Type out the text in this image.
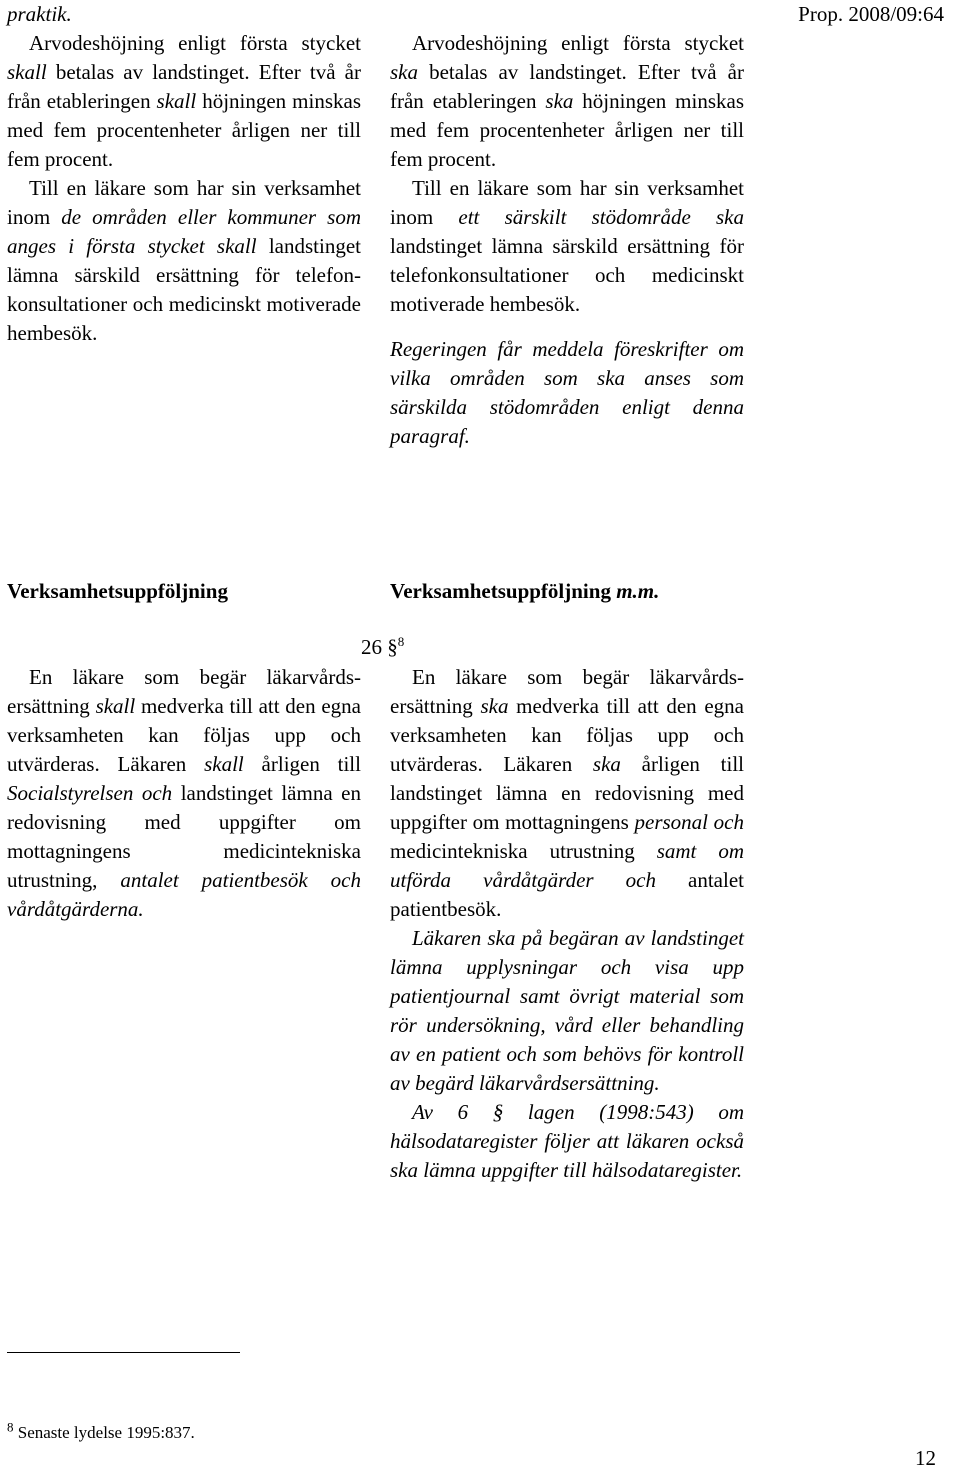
Prop. 2008/09:64

praktik.

Arvodeshöjning enligt första stycket skall betalas av landstinget. Efter två år från etableringen skall höjningen minskas med fem procentenheter årligen ner till fem procent.

Till en läkare som har sin verksamhet inom de områden eller kommuner som anges i första stycket skall landstinget lämna särskild ersättning för telefonkonsultationer och medicinskt motiverade hembesök.

Arvodeshöjning enligt första stycket ska betalas av landstinget. Efter två år från etableringen ska höjningen minskas med fem procentenheter årligen ner till fem procent.

Till en läkare som har sin verksamhet inom ett särskilt stödområde ska landstinget lämna särskild ersättning för telefonkonsultationer och medicinskt motiverade hembesök.

Regeringen får meddela föreskrifter om vilka områden som ska anses som särskilda stödområden enligt denna paragraf.

Verksamhetsuppföljning	Verksamhetsuppföljning m.m.
26 §$^8$

En läkare som begär läkarvårdsersättning skall medverka till att den egna verksamheten kan följas upp och utvärderas. Läkaren skall årligen till Socialstyrelsen och landstinget lämna en redovisning med uppgifter om mottagningens medicintekniska utrustning, antalet patientbesök och vårdåtgärderna.

En läkare som begär läkarvårdsersättning ska medverka till att den egna verksamheten kan följas upp och utvärderas. Läkaren ska årligen till landstinget lämna en redovisning med uppgifter om mottagningens personal och medicintekniska utrustning samt om utförda vårdåtgärder och antalet patientbesök.

Läkaren ska på begäran av landstinget lämna upplysningar och visa upp patientjournal samt övrigt material som rör undersökning, vård eller behandling av en patient och som behövs för kontroll av begärd läkarvårdsersättning.

Av 6 § lagen (1998:543) om hälsodataregister följer att läkaren också ska lämna uppgifter till hälsodataregister.

$^8$ Senaste lydelse 1995:837.
12
